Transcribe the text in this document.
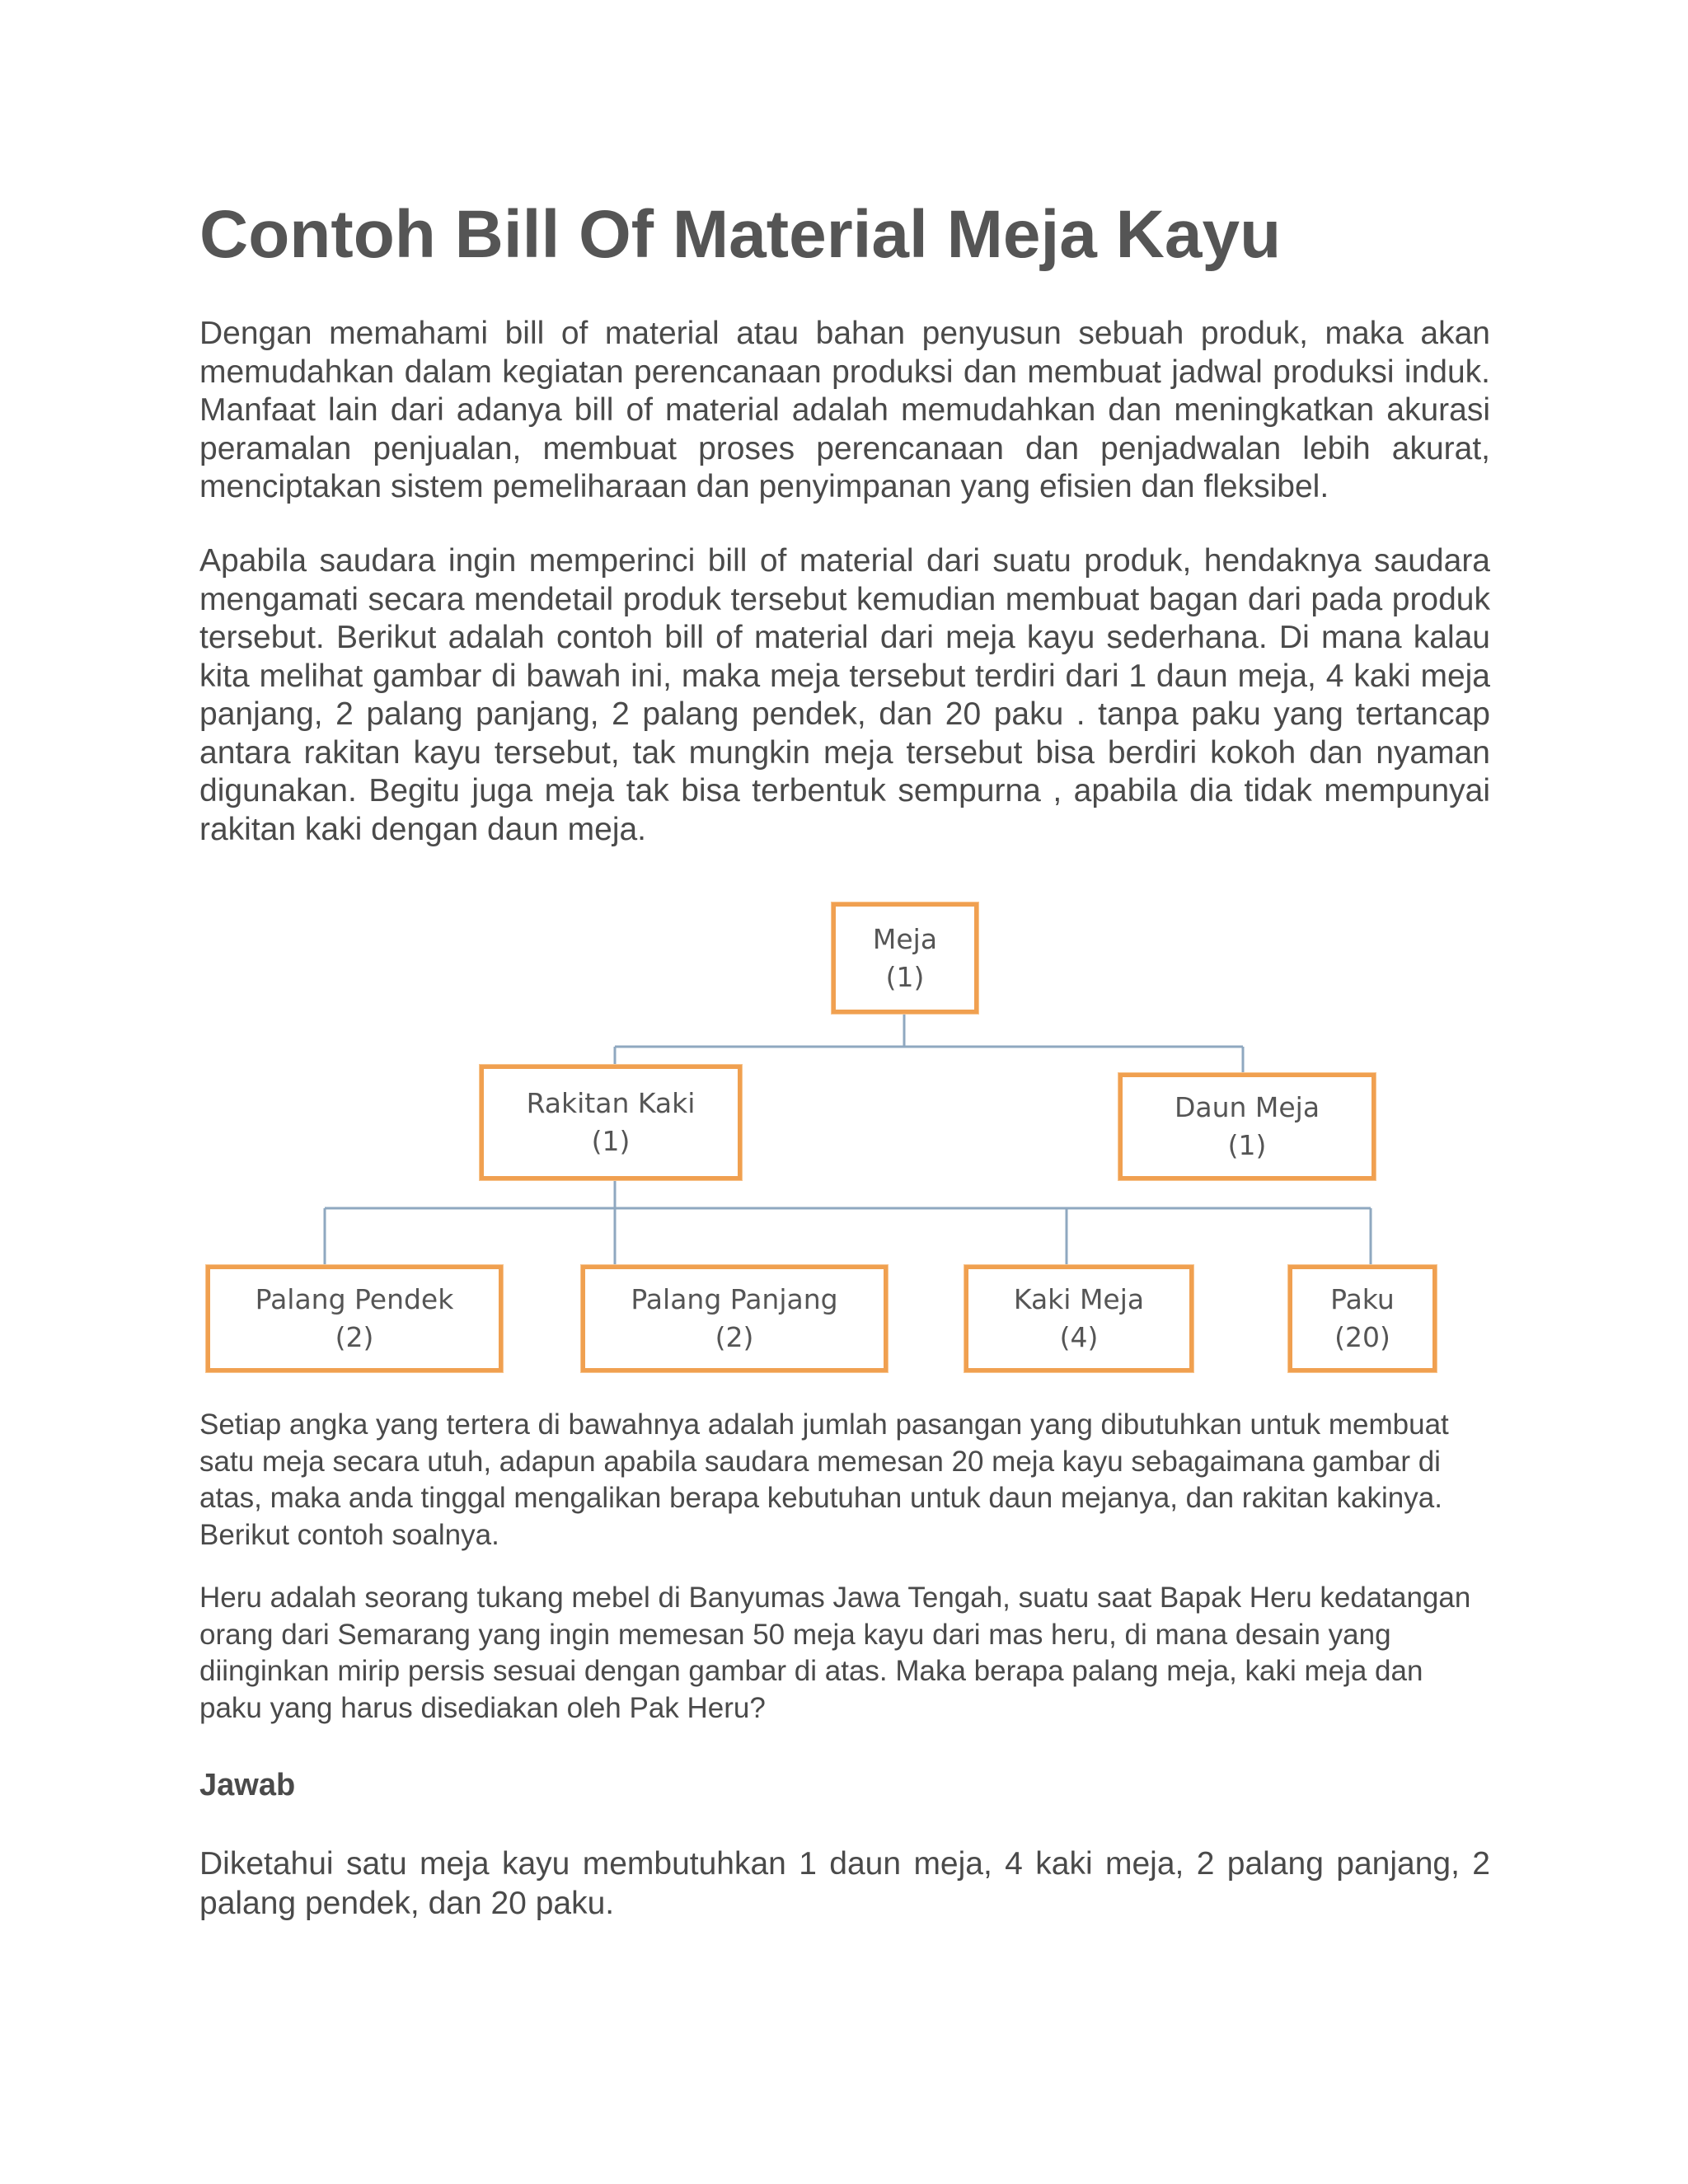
Contoh Bill Of Material Meja Kayu

Dengan memahami bill of material atau bahan penyusun sebuah produk, maka akan memudahkan dalam kegiatan perencanaan produksi dan membuat jadwal produksi induk. Manfaat lain dari adanya bill of material adalah memudahkan dan meningkatkan akurasi peramalan penjualan, membuat proses perencanaan dan penjadwalan lebih akurat, menciptakan sistem pemeliharaan dan penyimpanan yang efisien dan fleksibel.

Apabila saudara ingin memperinci bill of material dari suatu produk, hendaknya saudara mengamati secara mendetail produk tersebut kemudian membuat bagan dari pada produk tersebut. Berikut adalah contoh bill of material dari meja kayu sederhana. Di mana kalau kita melihat gambar di bawah ini, maka meja tersebut terdiri dari 1 daun meja, 4 kaki meja panjang, 2 palang panjang, 2 palang pendek, dan 20 paku . tanpa paku yang tertancap antara rakitan kayu tersebut, tak mungkin meja tersebut bisa berdiri kokoh dan nyaman digunakan. Begitu juga meja tak bisa terbentuk sempurna , apabila dia tidak mempunyai rakitan kaki dengan daun meja.

Meja
(1)
Rakitan Kaki
(1)
Daun Meja
(1)
Palang Pendek
(2)
Palang Panjang
(2)
Kaki Meja
(4)
Paku
(20)

Setiap angka yang tertera di bawahnya adalah jumlah pasangan yang dibutuhkan untuk membuat satu meja secara utuh, adapun apabila saudara memesan 20 meja kayu sebagaimana gambar di atas, maka anda tinggal mengalikan berapa kebutuhan untuk daun mejanya, dan rakitan kakinya. Berikut contoh soalnya.

Heru adalah seorang tukang mebel di Banyumas Jawa Tengah, suatu saat Bapak Heru kedatangan orang dari Semarang yang ingin memesan 50 meja kayu dari mas heru, di mana desain yang diinginkan mirip persis sesuai dengan gambar di atas. Maka berapa palang meja, kaki meja dan paku yang harus disediakan oleh Pak Heru?

Jawab

Diketahui satu meja kayu membutuhkan 1 daun meja, 4 kaki meja, 2 palang panjang, 2 palang pendek, dan 20 paku.
